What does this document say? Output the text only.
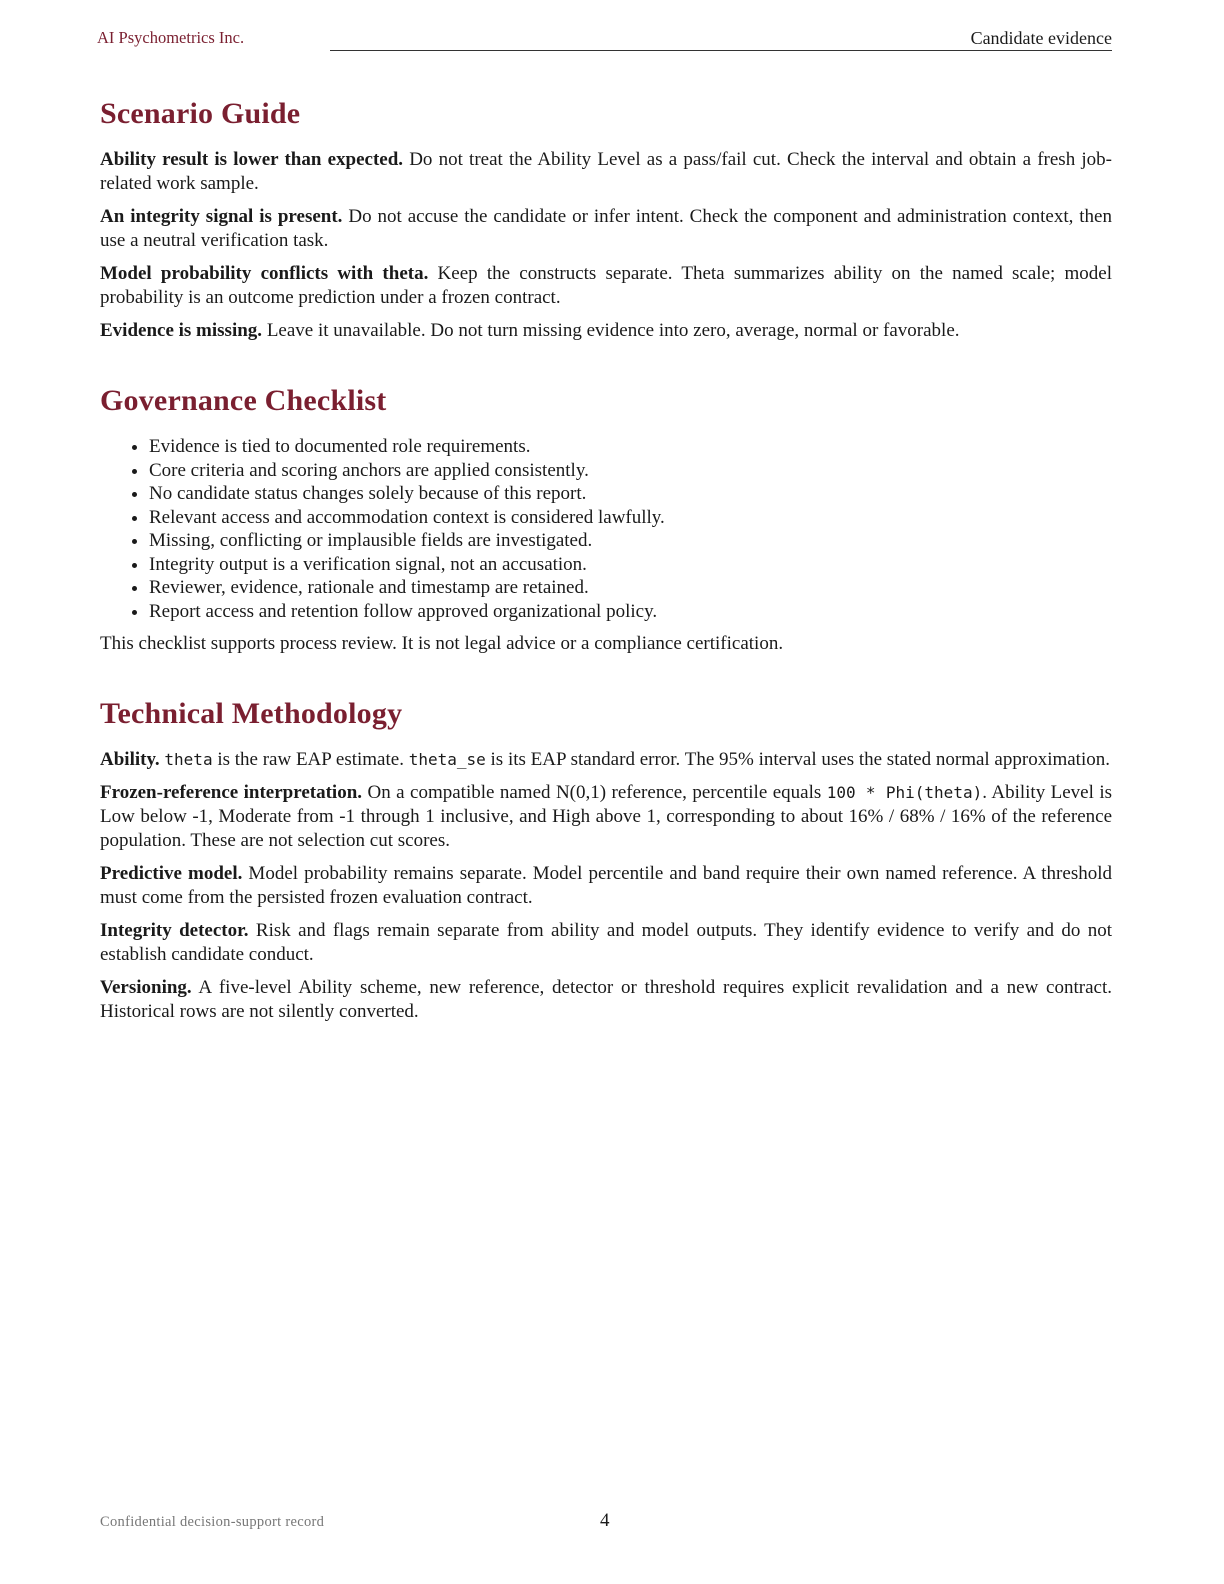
AI Psychometrics Inc.	Candidate evidence
Scenario Guide

Ability result is lower than expected. Do not treat the Ability Level as a pass/fail cut. Check the interval and obtain a fresh job-related work sample.

An integrity signal is present. Do not accuse the candidate or infer intent. Check the component and administration context, then use a neutral verification task.

Model probability conflicts with theta. Keep the constructs separate. Theta summarizes ability on the named scale; model probability is an outcome prediction under a frozen contract.

Evidence is missing. Leave it unavailable. Do not turn missing evidence into zero, average, normal or favorable.

Governance Checklist
• Evidence is tied to documented role requirements.
• Core criteria and scoring anchors are applied consistently.
• No candidate status changes solely because of this report.
• Relevant access and accommodation context is considered lawfully.
• Missing, conflicting or implausible fields are investigated.
• Integrity output is a verification signal, not an accusation.
• Reviewer, evidence, rationale and timestamp are retained.
• Report access and retention follow approved organizational policy.

This checklist supports process review. It is not legal advice or a compliance certification.

Technical Methodology

Ability. theta is the raw EAP estimate. theta_se is its EAP standard error. The 95% interval uses the stated normal approximation.

Frozen-reference interpretation. On a compatible named N(0,1) reference, percentile equals 100 * Phi(theta). Ability Level is Low below -1, Moderate from -1 through 1 inclusive, and High above 1, corresponding to about 16% / 68% / 16% of the reference population. These are not selection cut scores.

Predictive model. Model probability remains separate. Model percentile and band require their own named reference. A threshold must come from the persisted frozen evaluation contract.

Integrity detector. Risk and flags remain separate from ability and model outputs. They identify evidence to verify and do not establish candidate conduct.

Versioning. A five-level Ability scheme, new reference, detector or threshold requires explicit revalidation and a new contract. Historical rows are not silently converted.

Confidential decision-support record	4
